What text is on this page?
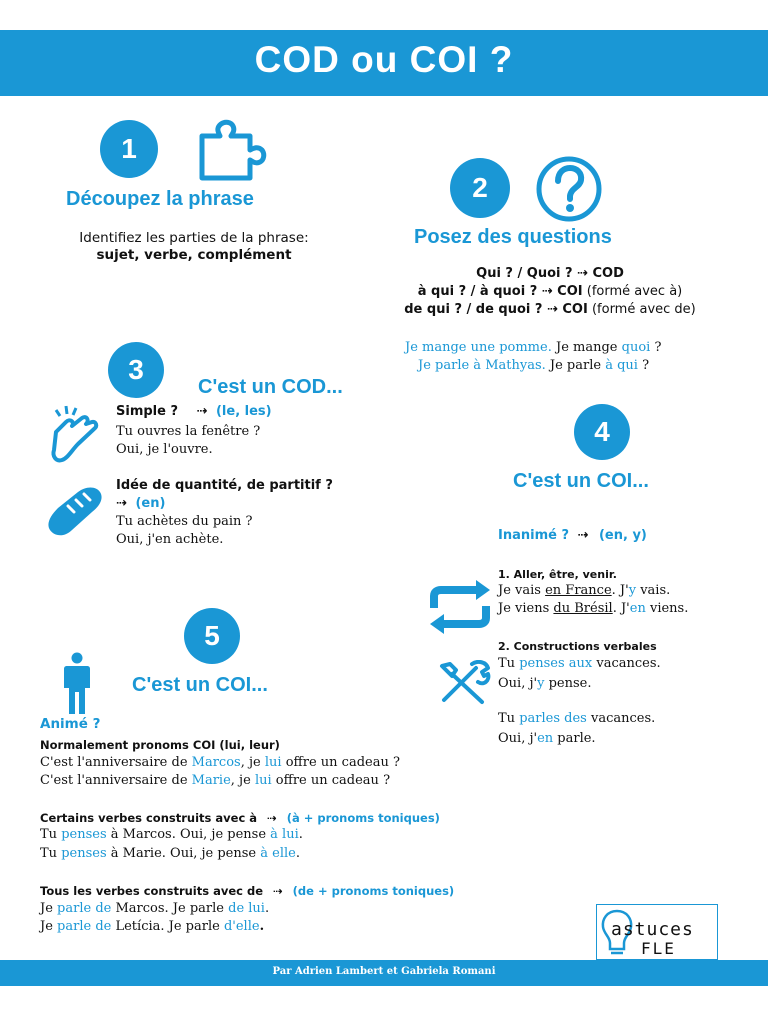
COD ou COI ?
1
Découpez la phrase
Identifiez les parties de la phrase:
sujet, verbe, complément
2
Posez des questions
Qui ? / Quoi ? ⇢ COD
à qui ? / à quoi ? ⇢ COI (formé avec à)
de qui ? / de quoi ? ⇢ COI (formé avec de)
Je mange une pomme. Je mange quoi ?
Je parle à Mathyas. Je parle à qui ?
3
C'est un COD...
Simple ? ⇢ (le, les)
Tu ouvres la fenêtre ?
Oui, je l'ouvre.
Idée de quantité, de partitif ?
⇢ (en)
Tu achètes du pain ?
Oui, j'en achète.
4
C'est un COI...
Inanimé ? ⇢ (en, y)
1. Aller, être, venir.
Je vais en France. J'y vais.
Je viens du Brésil. J'en viens.
2. Constructions verbales
Tu penses aux vacances.
Oui, j'y pense.
Tu parles des vacances.
Oui, j'en parle.
5
C'est un COI...
Animé ?
Normalement pronoms COI (lui, leur)
C'est l'anniversaire de Marcos, je lui offre un cadeau ?
C'est l'anniversaire de Marie, je lui offre un cadeau ?
Certains verbes construits avec à ⇢ (à + pronoms toniques)
Tu penses à Marcos. Oui, je pense à lui.
Tu penses à Marie. Oui, je pense à elle.
Tous les verbes construits avec de ⇢ (de + pronoms toniques)
Je parle de Marcos. Je parle de lui.
Je parle de Letícia. Je parle d'elle.	astuces
FLE
Par Adrien Lambert et Gabriela Romani
